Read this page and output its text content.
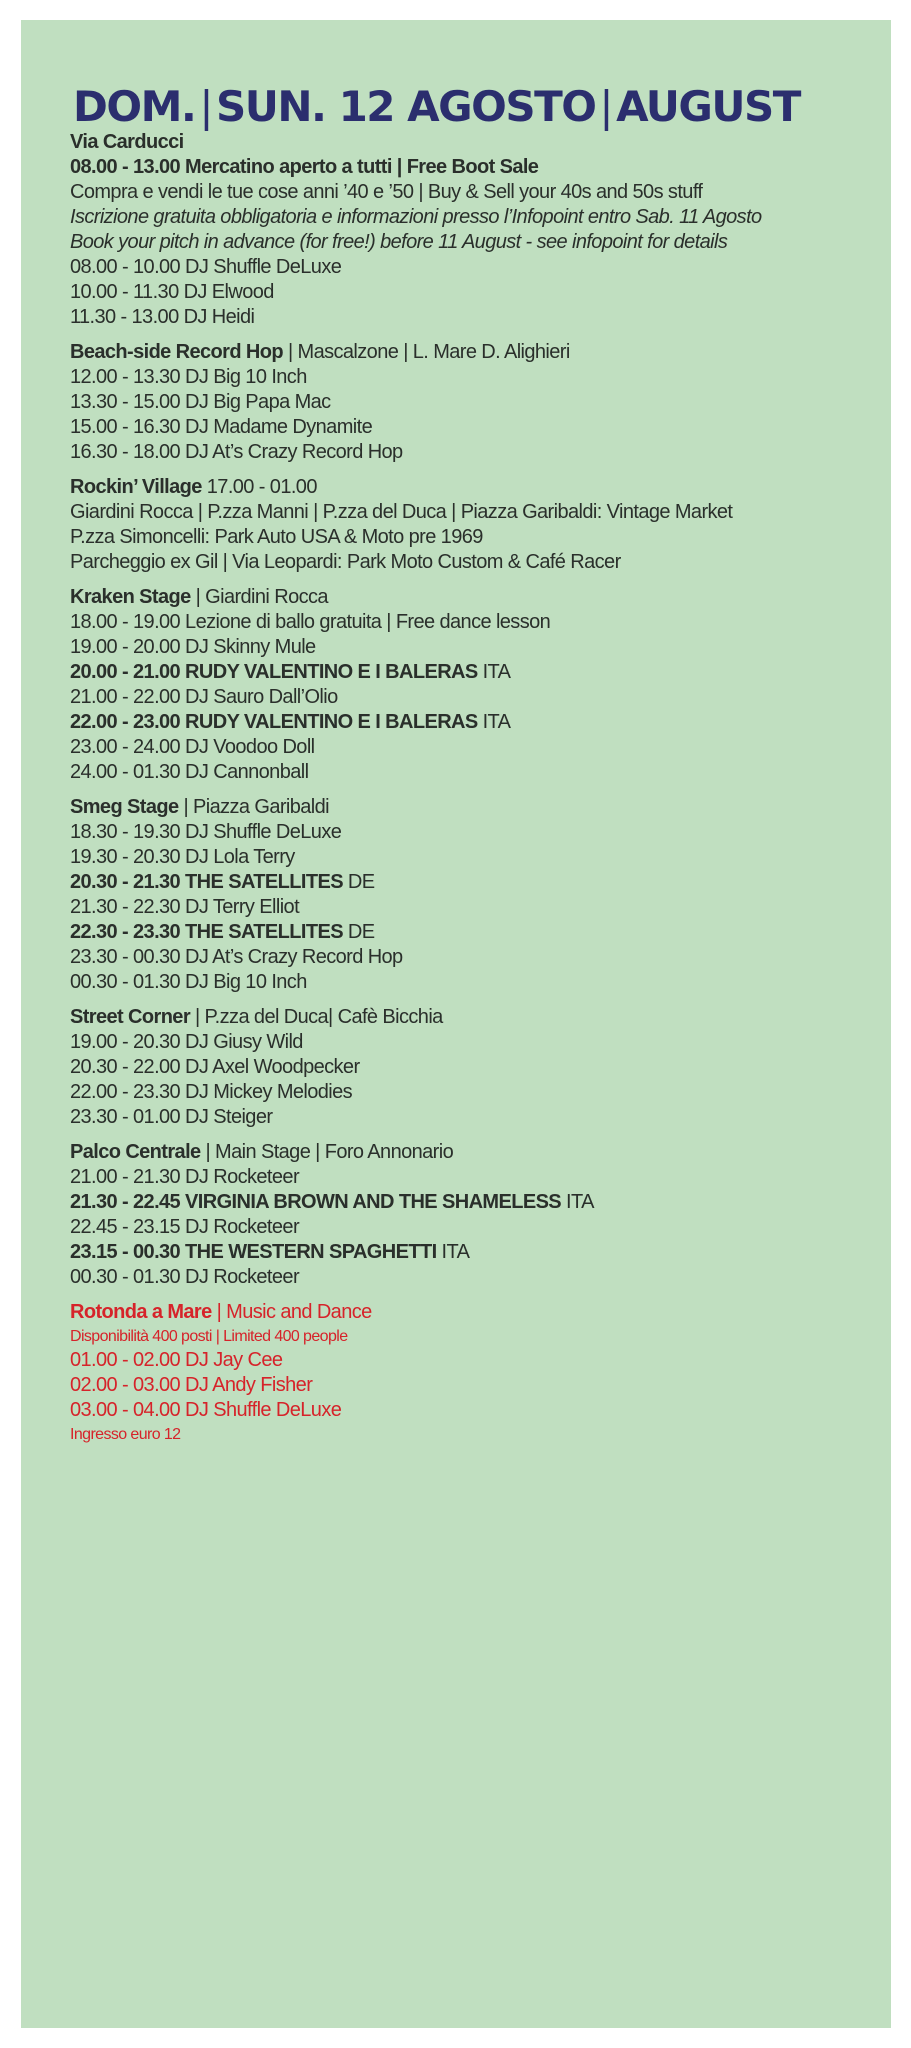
DOM.|SUN. 12 AGOSTO|AUGUST
Via Carducci
08.00 - 13.00 Mercatino aperto a tutti | Free Boot Sale
Compra e vendi le tue cose anni ’40 e ’50 | Buy & Sell your 40s and 50s stuff
Iscrizione gratuita obbligatoria e informazioni presso l’Infopoint entro Sab. 11 Agosto
Book your pitch in advance (for free!) before 11 August - see infopoint for details
08.00 - 10.00 DJ Shuffle DeLuxe
10.00 - 11.30 DJ Elwood
11.30 - 13.00 DJ Heidi
Beach-side Record Hop | Mascalzone | L. Mare D. Alighieri
12.00 - 13.30 DJ Big 10 Inch
13.30 - 15.00 DJ Big Papa Mac
15.00 - 16.30 DJ Madame Dynamite
16.30 - 18.00 DJ At’s Crazy Record Hop
Rockin’ Village 17.00 - 01.00
Giardini Rocca | P.zza Manni | P.zza del Duca | Piazza Garibaldi: Vintage Market
P.zza Simoncelli: Park Auto USA & Moto pre 1969
Parcheggio ex Gil | Via Leopardi: Park Moto Custom & Café Racer
Kraken Stage | Giardini Rocca
18.00 - 19.00 Lezione di ballo gratuita | Free dance lesson
19.00 - 20.00 DJ Skinny Mule
20.00 - 21.00 RUDY VALENTINO E I BALERAS ITA
21.00 - 22.00 DJ Sauro Dall’Olio
22.00 - 23.00 RUDY VALENTINO E I BALERAS ITA
23.00 - 24.00 DJ Voodoo Doll
24.00 - 01.30 DJ Cannonball
Smeg Stage | Piazza Garibaldi
18.30 - 19.30 DJ Shuffle DeLuxe
19.30 - 20.30 DJ Lola Terry
20.30 - 21.30 THE SATELLITES DE
21.30 - 22.30 DJ Terry Elliot
22.30 - 23.30 THE SATELLITES DE
23.30 - 00.30 DJ At’s Crazy Record Hop
00.30 - 01.30 DJ Big 10 Inch
Street Corner | P.zza del Duca| Cafè Bicchia
19.00 - 20.30 DJ Giusy Wild
20.30 - 22.00 DJ Axel Woodpecker
22.00 - 23.30 DJ Mickey Melodies
23.30 - 01.00 DJ Steiger
Palco Centrale | Main Stage | Foro Annonario
21.00 - 21.30 DJ Rocketeer
21.30 - 22.45 VIRGINIA BROWN AND THE SHAMELESS ITA
22.45 - 23.15 DJ Rocketeer
23.15 - 00.30 THE WESTERN SPAGHETTI ITA
00.30 - 01.30 DJ Rocketeer
Rotonda a Mare | Music and Dance
Disponibilità 400 posti | Limited 400 people
01.00 - 02.00 DJ Jay Cee
02.00 - 03.00 DJ Andy Fisher
03.00 - 04.00 DJ Shuffle DeLuxe
Ingresso euro 12
